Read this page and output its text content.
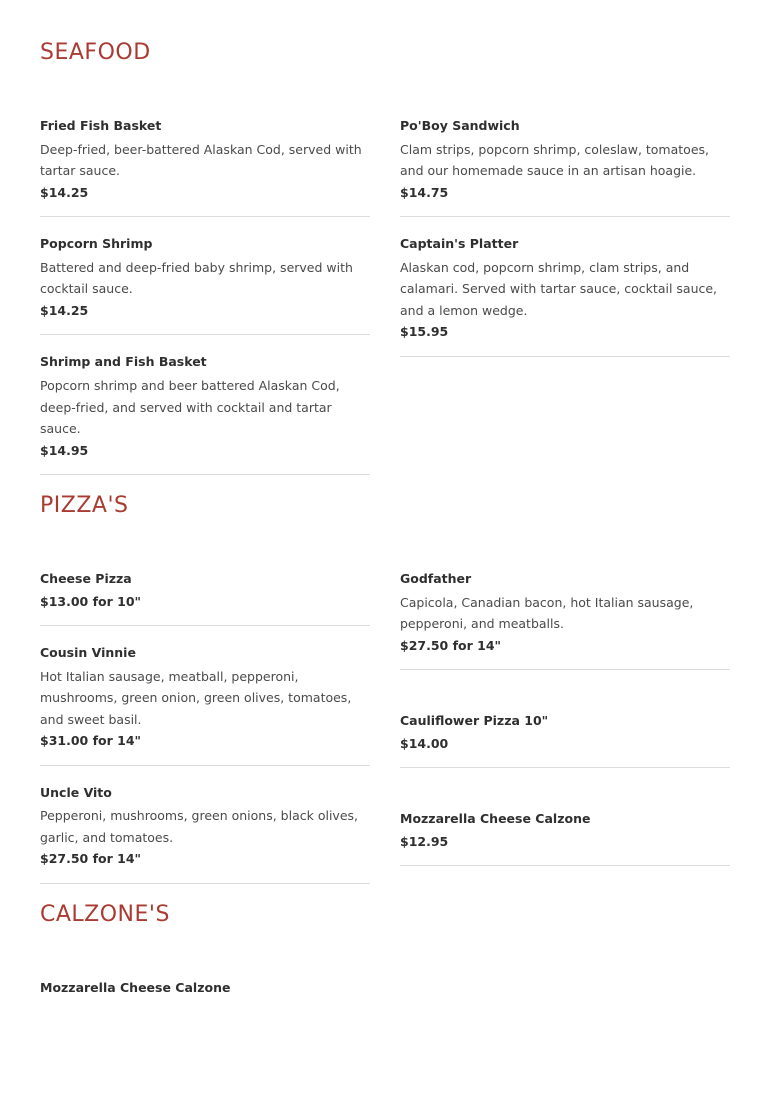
SEAFOOD
Fried Fish Basket
Deep-fried, beer-battered Alaskan Cod, served with tartar sauce.
$14.25
Popcorn Shrimp
Battered and deep-fried baby shrimp, served with cocktail sauce.
$14.25
Shrimp and Fish Basket
Popcorn shrimp and beer battered Alaskan Cod, deep-fried, and served with cocktail and tartar sauce.
$14.95
Po'Boy Sandwich
Clam strips, popcorn shrimp, coleslaw, tomatoes, and our homemade sauce in an artisan hoagie.
$14.75
Captain's Platter
Alaskan cod, popcorn shrimp, clam strips, and calamari. Served with tartar sauce, cocktail sauce, and a lemon wedge.
$15.95
PIZZA'S
Cheese Pizza
$13.00 for 10"
Cousin Vinnie
Hot Italian sausage, meatball, pepperoni, mushrooms, green onion, green olives, tomatoes, and sweet basil.
$31.00 for 14"
Uncle Vito
Pepperoni, mushrooms, green onions, black olives, garlic, and tomatoes.
$27.50 for 14"
Godfather
Capicola, Canadian bacon, hot Italian sausage, pepperoni, and meatballs.
$27.50 for 14"
Cauliflower Pizza 10"
$14.00
Mozzarella Cheese Calzone
$12.95
CALZONE'S
Mozzarella Cheese Calzone
